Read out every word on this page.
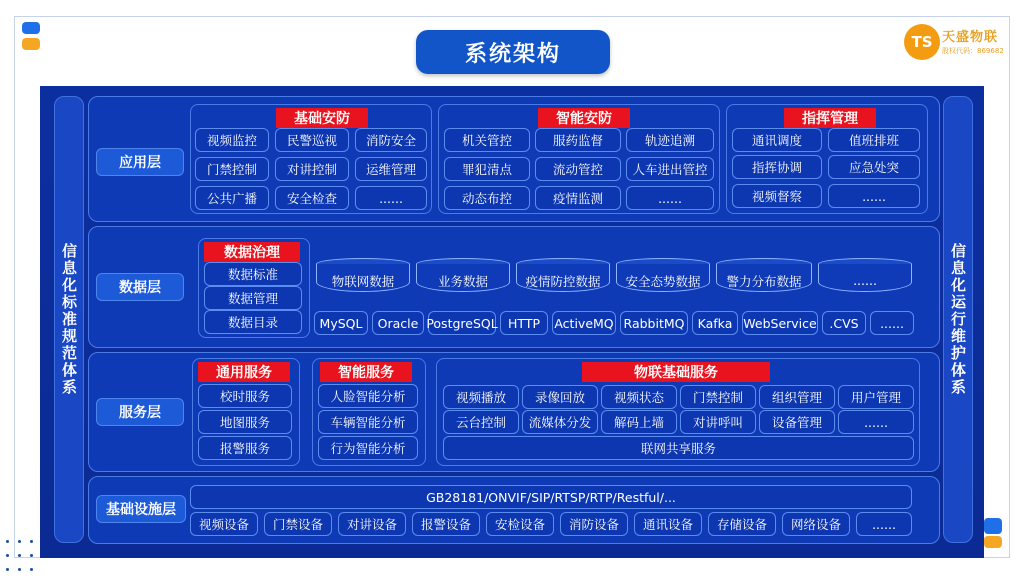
系统架构	TS 天盛物联
股权代码：869682
信息化标准规范体系	信息化运行维护体系
应用层
基础安防
视频监控	民警巡视	消防安全
门禁控制	对讲控制	运维管理
公共广播	安全检查	......
智能安防
机关管控	服药监督	轨迹追溯
罪犯清点	流动管控	人车进出管控
动态布控	疫情监测	......
指挥管理
通讯调度	值班排班
指挥协调	应急处突
视频督察	......
数据层
数据治理
数据标准
数据管理
数据目录
物联网数据	业务数据	疫情防控数据	安全态势数据	警力分布数据	......
MySQL	Oracle PostgreSQL HTTP	ActiveMQ RabbitMQ	Kafka WebService	.CVS	......
服务层
通用服务
校时服务
地图服务
报警服务
智能服务
人脸智能分析
车辆智能分析
行为智能分析
物联基础服务
视频播放	录像回放	视频状态	门禁控制	组织管理	用户管理
云台控制	流媒体分发	解码上墙	对讲呼叫	设备管理	......
联网共享服务
基础设施层
GB28181/ONVIF/SIP/RTSP/RTP/Restful/...
视频设备	门禁设备	对讲设备	报警设备	安检设备	消防设备	通讯设备	存储设备	网络设备	......
